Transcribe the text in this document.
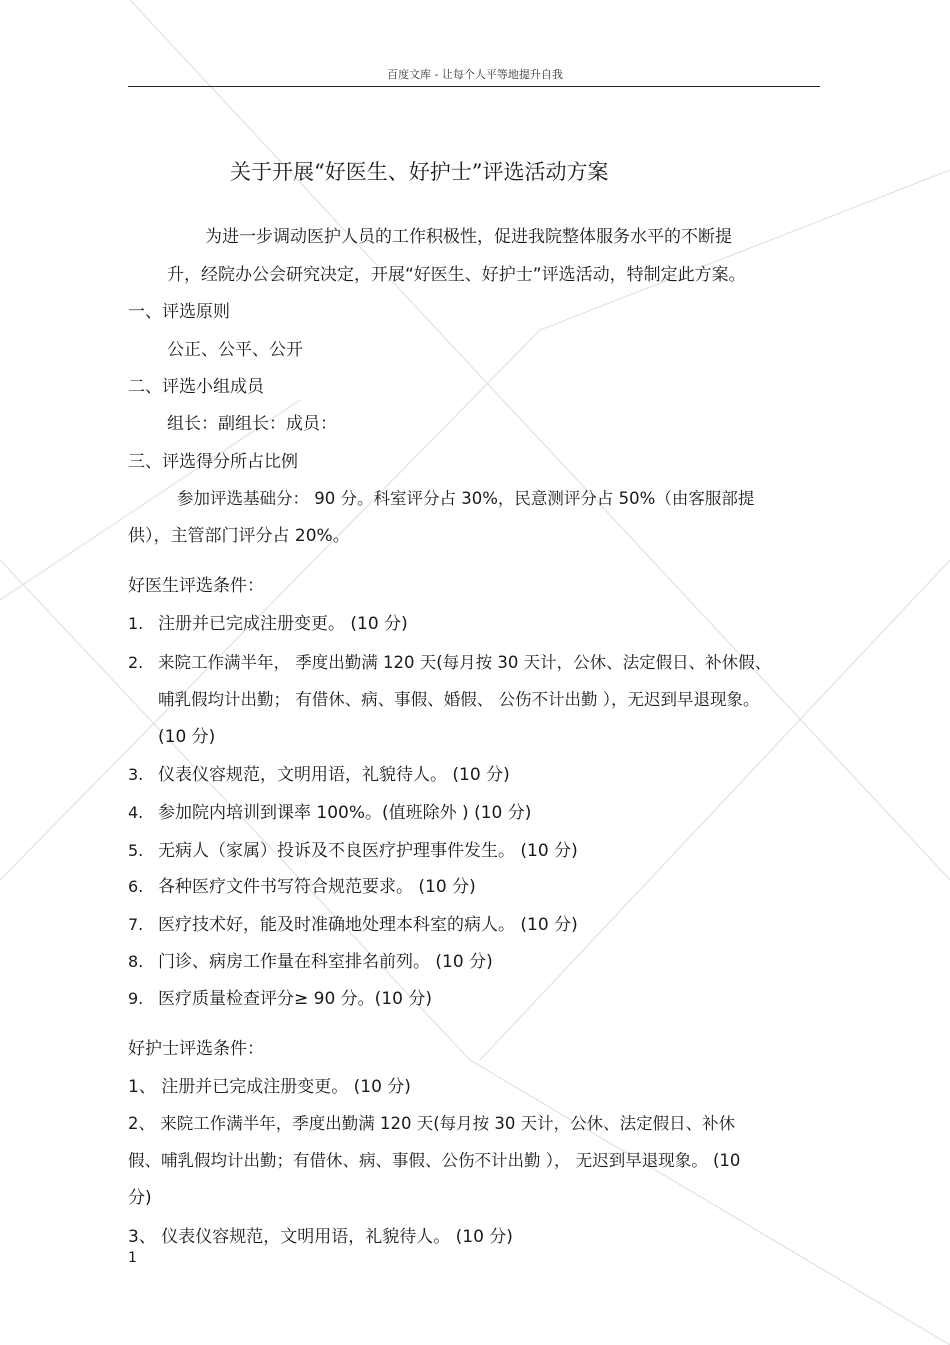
百度文库 - 让每个人平等地提升自我
关于开展“好医生、好护士”评选活动方案
为进一步调动医护人员的工作积极性，促进我院整体服务水平的不断提
升，经院办公会研究决定，开展“好医生、好护士”评选活动，特制定此方案。
一、评选原则
公正、公平、公开
二、评选小组成员
组长：副组长：成员：
三、评选得分所占比例
参加评选基础分： 90 分。科室评分占 30%，民意测评分占 50%（由客服部提
供），主管部门评分占 20%。
好医生评选条件：
1. 注册并已完成注册变更。 (10 分)
2. 来院工作满半年， 季度出勤满 120 天(每月按 30 天计，公休、法定假日、补休假、
哺乳假均计出勤； 有借休、病、事假、婚假、 公伤不计出勤 ），无迟到早退现象。
(10 分)
3. 仪表仪容规范，文明用语，礼貌待人。 (10 分)
4. 参加院内培训到课率 100%。(值班除外 ) (10 分)
5. 无病人（家属）投诉及不良医疗护理事件发生。 (10 分)
6. 各种医疗文件书写符合规范要求。 (10 分)
7. 医疗技术好，能及时准确地处理本科室的病人。 (10 分)
8. 门诊、病房工作量在科室排名前列。 (10 分)
9. 医疗质量检查评分≥ 90 分。(10 分)
好护士评选条件：
1、 注册并已完成注册变更。 (10 分)
2、 来院工作满半年，季度出勤满 120 天(每月按 30 天计，公休、法定假日、补休
假、哺乳假均计出勤；有借休、病、事假、公伤不计出勤 ）， 无迟到早退现象。 (10
分)
3、 仪表仪容规范，文明用语，礼貌待人。 (10 分)
1
